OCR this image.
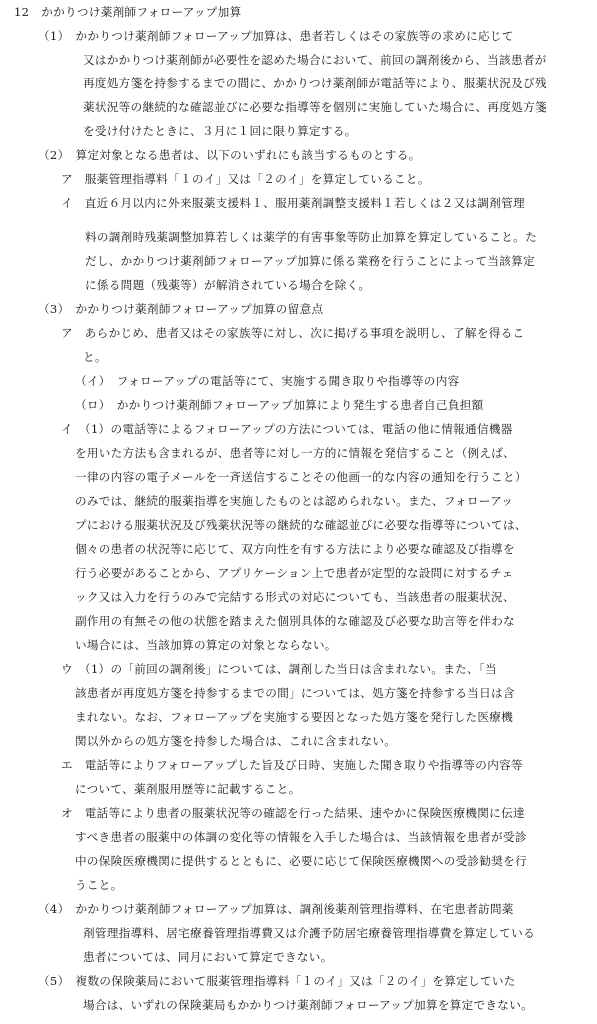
12　かかりつけ薬剤師フォローアップ加算
（1）　かかりつけ薬剤師フォローアップ加算は、患者若しくはその家族等の求めに応じて
又はかかりつけ薬剤師が必要性を認めた場合において、前回の調剤後から、当該患者が
再度処方箋を持参するまでの間に、かかりつけ薬剤師が電話等により、服薬状況及び残
薬状況等の継続的な確認並びに必要な指導等を個別に実施していた場合に、再度処方箋
を受け付けたときに、３月に１回に限り算定する。
（2）　算定対象となる患者は、以下のいずれにも該当するものとする。
ア　服薬管理指導料「１のイ」又は「２のイ」を算定していること。
イ　直近６月以内に外来服薬支援料１、服用薬剤調整支援料１若しくは２又は調剤管理
料の調剤時残薬調整加算若しくは薬学的有害事象等防止加算を算定していること。た
だし、かかりつけ薬剤師フォローアップ加算に係る業務を行うことによって当該算定
に係る問題（残薬等）が解消されている場合を除く。
（3）　かかりつけ薬剤師フォローアップ加算の留意点
ア　あらかじめ、患者又はその家族等に対し、次に掲げる事項を説明し、了解を得るこ
と。
（イ）　フォローアップの電話等にて、実施する聞き取りや指導等の内容
（ロ）　かかりつけ薬剤師フォローアップ加算により発生する患者自己負担額
イ　（1）の電話等によるフォローアップの方法については、電話の他に情報通信機器
を用いた方法も含まれるが、患者等に対し一方的に情報を発信すること（例えば、
一律の内容の電子メールを一斉送信することその他画一的な内容の通知を行うこと）
のみでは、継続的服薬指導を実施したものとは認められない。また、フォローアッ
プにおける服薬状況及び残薬状況等の継続的な確認並びに必要な指導等については、
個々の患者の状況等に応じて、双方向性を有する方法により必要な確認及び指導を
行う必要があることから、アプリケーション上で患者が定型的な設問に対するチェ
ック又は入力を行うのみで完結する形式の対応についても、当該患者の服薬状況、
副作用の有無その他の状態を踏まえた個別具体的な確認及び必要な助言等を伴わな
い場合には、当該加算の算定の対象とならない。
ウ　（1）の「前回の調剤後」については、調剤した当日は含まれない。また、「当
該患者が再度処方箋を持参するまでの間」については、処方箋を持参する当日は含
まれない。なお、フォローアップを実施する要因となった処方箋を発行した医療機
関以外からの処方箋を持参した場合は、これに含まれない。
エ　電話等によりフォローアップした旨及び日時、実施した聞き取りや指導等の内容等
について、薬剤服用歴等に記載すること。
オ　電話等により患者の服薬状況等の確認を行った結果、速やかに保険医療機関に伝達
すべき患者の服薬中の体調の変化等の情報を入手した場合は、当該情報を患者が受診
中の保険医療機関に提供するとともに、必要に応じて保険医療機関への受診勧奨を行
うこと。
（4）　かかりつけ薬剤師フォローアップ加算は、調剤後薬剤管理指導料、在宅患者訪問薬
剤管理指導料、居宅療養管理指導費又は介護予防居宅療養管理指導費を算定している
患者については、同月において算定できない。
（5）　複数の保険薬局において服薬管理指導料「１のイ」又は「２のイ」を算定していた
場合は、いずれの保険薬局もかかりつけ薬剤師フォローアップ加算を算定できない。
